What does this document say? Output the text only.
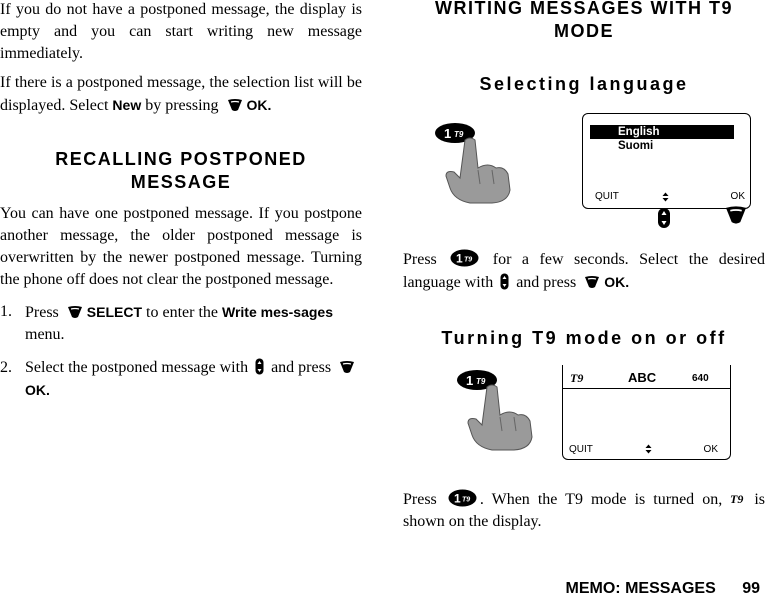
If you do not have a postponed message, the display is empty and you can start writing new message immediately.

If there is a postponed message, the selection list will be displayed. Select New by pressing OK.

RECALLING POSTPONED

MESSAGE

You can have one postponed message. If you postpone another message, the older postponed message is overwritten by the newer postponed message. Turning the phone off does not clear the postponed message.

1. Press SELECT to enter the Write mes-sages menu.
2. Select the postponed message with  and press OK.

WRITING MESSAGES WITH T9

MODE

Selecting language

1 T9	English
Suomi
QUIT	OK

Press 1 T9 for a few seconds. Select the desired language with  and press OK.

Turning T9 mode on or off

1 T9	T9	ABC	640
QUIT	OK

Press 1 T9 . When the T9 mode is turned on, T9 is shown on the display.

MEMO: MESSAGES 99
